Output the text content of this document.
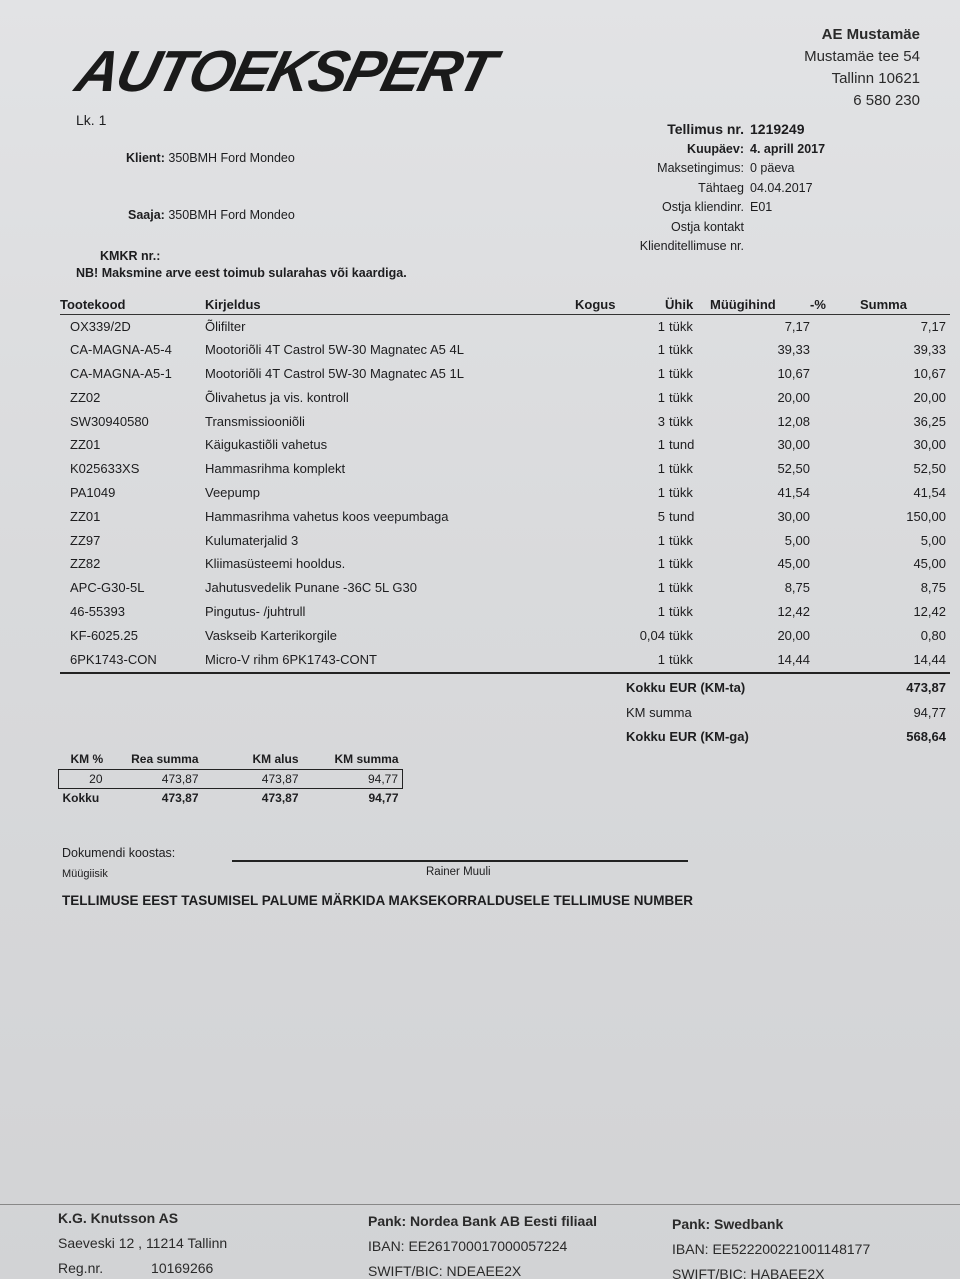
AUTOEKSPERT
AE Mustamäe
Mustamäe tee 54
Tallinn 10621
6 580 230
Lk. 1
Klient: 350BMH Ford Mondeo
Saaja: 350BMH Ford Mondeo
KMKR nr.:
Tellimus nr. 1219249
Kuupäev: 4. aprill 2017
Maksetingimus: 0 päeva
Tähtaeg 04.04.2017
Ostja kliendinr. E01
Ostja kontakt
Klienditellimuse nr.
NB! Maksmine arve eest toimub sularahas või kaardiga.
Tootekood	Kirjeldus	Kogus	Ühik	Müügihind	-%	Summa
OX339/2D	Õlifilter	1	tükk	7,17		7,17
CA-MAGNA-A5-4	Mootoriõli 4T Castrol 5W-30 Magnatec A5 4L	1	tükk	39,33		39,33
CA-MAGNA-A5-1	Mootoriõli 4T Castrol 5W-30 Magnatec A5 1L	1	tükk	10,67		10,67
ZZ02	Õlivahetus ja vis. kontroll	1	tükk	20,00		20,00
SW30940580	Transmissiooniõli	3	tükk	12,08		36,25
ZZ01	Käigukastiõli vahetus	1	tund	30,00		30,00
K025633XS	Hammasrihma komplekt	1	tükk	52,50		52,50
PA1049	Veepump	1	tükk	41,54		41,54
ZZ01	Hammasrihma vahetus koos veepumbaga	5	tund	30,00		150,00
ZZ97	Kulumaterjalid 3	1	tükk	5,00		5,00
ZZ82	Kliimasüsteemi hooldus.	1	tükk	45,00		45,00
APC-G30-5L	Jahutusvedelik Punane -36C 5L G30	1	tükk	8,75		8,75
46-55393	Pingutus- /juhtrull	1	tükk	12,42		12,42
KF-6025.25	Vaskseib Karterikorgile	0,04	tükk	20,00		0,80
6PK1743-CON	Micro-V rihm 6PK1743-CONT	1	tükk	14,44		14,44
Kokku EUR (KM-ta)	473,87
KM summa	94,77
Kokku EUR (KM-ga)	568,64
KM %	Rea summa	KM alus	KM summa
20	473,87	473,87	94,77
Kokku	473,87	473,87	94,77
Dokumendi koostas:
Müügiisik	Rainer Muuli
TELLIMUSE EEST TASUMISEL PALUME MÄRKIDA MAKSEKORRALDUSELE TELLIMUSE NUMBER
K.G. Knutsson AS
Saeveski 12 , 11214 Tallinn
Reg.nr.	10169266
Pank: Nordea Bank AB Eesti filiaal
IBAN: EE261700017000057224
SWIFT/BIC: NDEAEE2X
Pank: Swedbank
IBAN: EE522200221001148177
SWIFT/BIC: HABAEE2X
